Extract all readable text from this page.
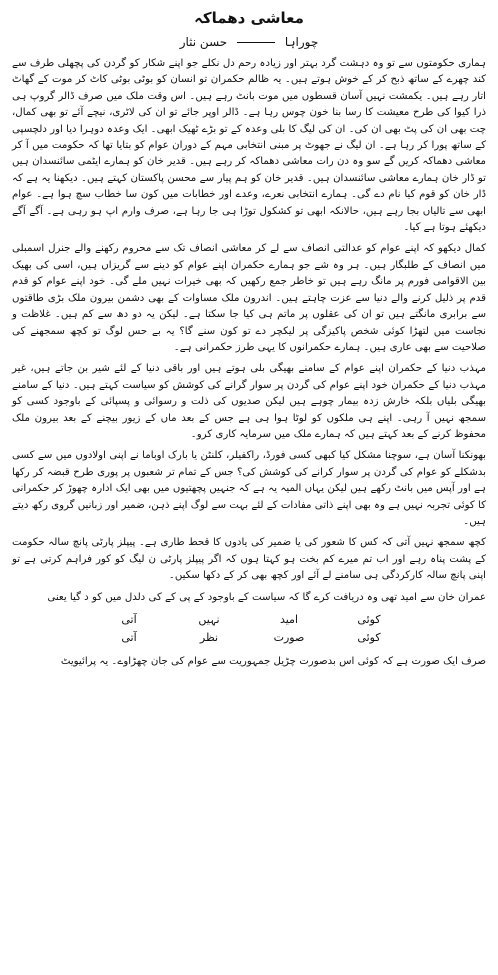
معاشی دھماکہ
چوراہا  حسن نثار

ہماری حکومتوں سے تو وہ دہشت گرد بہتر اور زیادہ رحم دل نکلے جو اپنے شکار کو گردن کی پچھلی طرف سے کند چھرے کے ساتھ ذبح کر کے خوش ہوتے ہیں۔ یہ ظالم حکمران تو انسان کو بوٹی بوٹی کاٹ کر موت کے گھاٹ اتار رہے ہیں۔ یکمشت نہیں آسان قسطوں میں موت بانٹ رہے ہیں۔ اس وقت ملک میں صرف ڈالر گروپ ہی ذرا کیوا کی طرح معیشت کا رسا بنا خون چوس رہا ہے۔ ڈالر اوپر جائے تو ان کی لاٹری، نیچے آئے تو بھی کمال، چت بھی ان کی پٹ بھی ان کی۔ ان کی لیگ کا بلی وعدہ کے تو بڑے ٹھیک ابھی۔ ایک وعدہ دوہرا دیا اور دلچسپی کے ساتھ پورا کر رہا ہے۔ ان لیگ نے جھوٹ پر مبنی انتخابی مہم کے دوران عوام کو بتایا تھا کہ حکومت میں آ کر معاشی دھماکہ کریں گے سو وہ دن رات معاشی دھماکہ کر رہے ہیں۔ قدیر خان کو ہمارے ایٹمی سائنسدان ہیں تو ڈار خان ہمارے معاشی سائنسدان ہیں۔ قدیر خان کو ہم پیار سے محسن پاکستان کہتے ہیں۔ دیکھنا یہ ہے کہ ڈار خان کو قوم کیا نام دے گی۔ ہمارے انتخابی نعرے، وعدے اور خطابات میں کون سا خطاب سچ ہوا ہے۔ عوام ابھی سے تالیاں بجا رہے ہیں، حالانکہ ابھی تو کشکول توڑا ہی جا رہا ہے، صرف وارم اپ ہو رہی ہے۔ آگے آگے دیکھئے ہوتا ہے کیا۔

کمال دیکھو کہ اپنے عوام کو عدالتی انصاف سے لے کر معاشی انصاف تک سے محروم رکھنے والے جنرل اسمبلی میں انصاف کے طلبگار ہیں۔ ہر وہ شے جو ہمارے حکمران اپنے عوام کو دینے سے گریزاں ہیں، اسی کی بھیک بین الاقوامی فورم پر مانگ رہے ہیں تو خاطر جمع رکھیں کہ بھی خیرات نہیں ملے گی۔ خود اپنے عوام کو قدم قدم پر ذلیل کرنے والے دنیا سے عزت چاہتے ہیں۔ اندرون ملک مساوات کے بھی دشمن بیرون ملک بڑی طاقتوں سے برابری مانگتے ہیں تو ان کی عقلوں پر ماتم ہی کیا جا سکتا ہے۔ لیکن یہ دو دھ سے کم ہیں۔ غلاظت و نجاست میں لتھڑا کوئی شخص پاکیزگی پر لیکچر دے تو کون سنے گا؟ یہ بے حس لوگ تو کچھ سمجھنے کی صلاحیت سے بھی عاری ہیں۔ ہمارے حکمرانوں کا یہی طرز حکمرانی ہے۔

مہذب دنیا کے حکمران اپنے عوام کے سامنے بھیگی بلی ہوتے ہیں اور باقی دنیا کے لئے شیر بن جاتے ہیں، غیر مہذب دنیا کے حکمران خود اپنے عوام کی گردن پر سوار گرانے کی کوشش کو سیاست کہتے ہیں۔ دنیا کے سامنے بھیگی بلیاں بلکہ خارش زدہ بیمار چوہے ہیں لیکن صدیوں کی ذلت و رسوائی و پسپائی کے باوجود کسی کو سمجھ نہیں آ رہی۔ اپنے ہی ملکوں کو لوٹا ہوا ہی ہے جس کے بعد ماں کے زیور بیچنے کے بعد بیرون ملک محفوظ کرنے کے بعد کہتے ہیں کہ ہمارے ملک میں سرمایہ کاری کرو۔

بھونکنا آسان ہے، سوچنا مشکل کیا کبھی کسی فورڈ، راکفیلر، کلنٹن یا بارک اوباما نے اپنی اولادوں میں سے کسی بدشکلے کو عوام کی گردن پر سوار کرانے کی کوشش کی؟ جس کے تمام تر شعبوں پر پوری طرح قبضہ کر رکھا ہے اور آپس میں بانٹ رکھے ہیں لیکن یہاں المیہ یہ ہے کہ جنہیں پچھتیوں میں بھی ایک ادارہ چھوڑ کر حکمرانی کا کوئی تجربہ نہیں ہے وہ بھی اپنے ذاتی مفادات کے لئے بہت سے لوگ اپنے ذہن، ضمیر اور زبانیں گروی رکھ دیتے ہیں۔

کچھ سمجھ نہیں آتی کہ کس کا شعور کی یا ضمیر کی یادوں کا قحط طاری ہے۔ پیپلز پارٹی پانچ سالہ حکومت کے پشت پناہ رہے اور اب تم میرے کم بخت ہو کہتا ہوں کہ اگر پیپلز پارٹی ن لیگ کو کور فراہم کرتی ہے تو اپنی پانچ سالہ کارکردگی ہی سامنے لے آئے اور کچھ بھی کر کے دکھا سکیں۔

عمران خان سے امید تھی وہ دریافت کرے گا کہ سیاست کے باوجود کے پی کے کی دلدل میں کو د گیا یعنی

کوئی
امید
نہیں
آتی
کوئی
صورت
نظر
آتی

صرف ایک صورت ہے کہ کوئی اس بدصورت چڑیل جمہوریت سے عوام کی جان چھڑاوے۔ یہ پرائیویٹ
